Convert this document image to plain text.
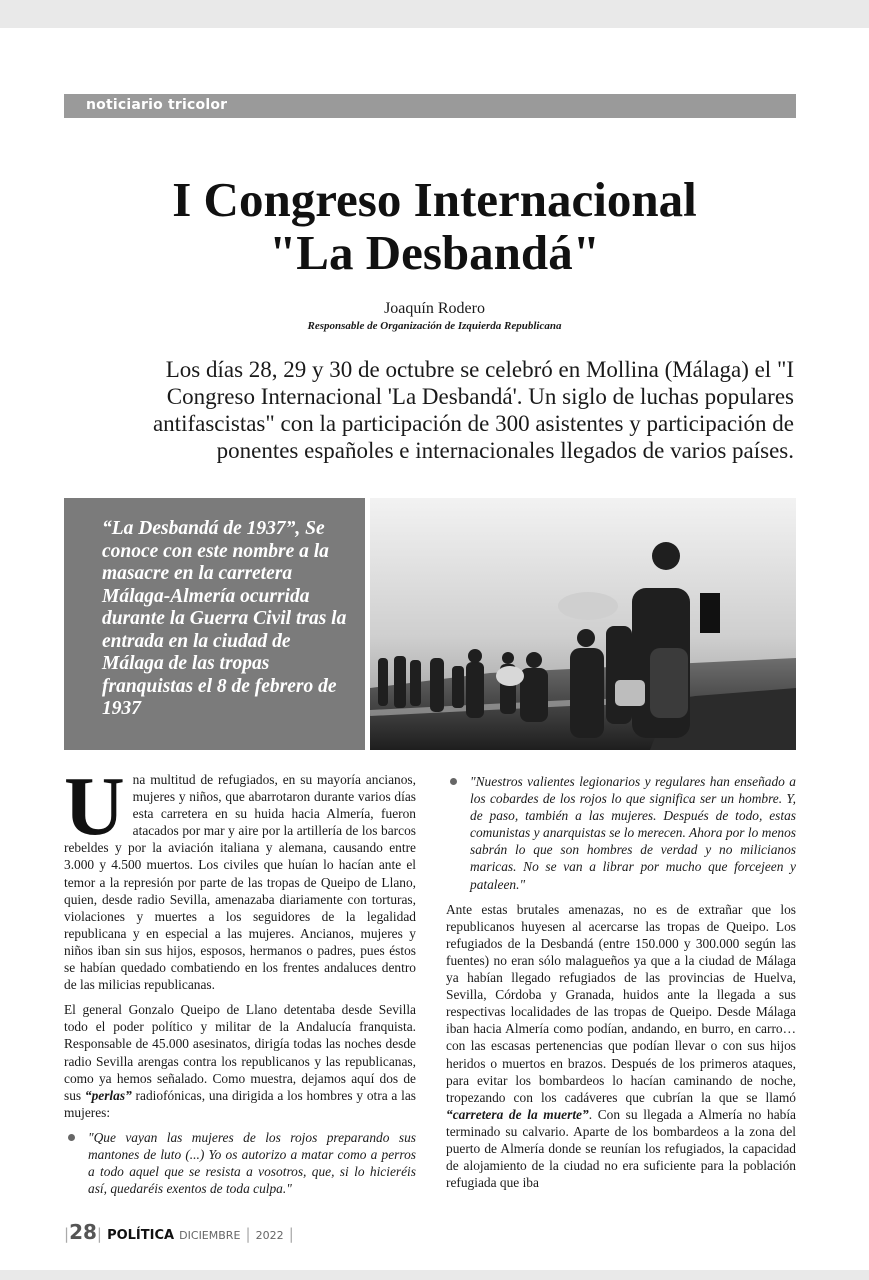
noticiario tricolor
I Congreso Internacional
"La Desbandá"
Joaquín Rodero
Responsable de Organización de Izquierda Republicana
Los días 28, 29 y 30 de octubre se celebró en Mollina (Málaga) el "I Congreso Internacional 'La Desbandá'. Un siglo de luchas populares antifascistas" con la participación de 300 asistentes y participación de ponentes españoles e internacionales llegados de varios países.

“La Desbandá de 1937”, Se conoce con este nombre a la masacre en la carretera Málaga-Almería ocurrida durante la Guerra Civil tras la entrada en la ciudad de Málaga de las tropas franquistas el 8 de febrero de 1937

Una multitud de refugiados, en su mayoría ancianos, mujeres y niños, que abarrotaron durante varios días esta carretera en su huida hacia Almería, fueron atacados por mar y aire por la artillería de los barcos rebeldes y por la aviación italiana y alemana, causando entre 3.000 y 4.500 muertos. Los civiles que huían lo hacían ante el temor a la represión por parte de las tropas de Queipo de Llano, quien, desde radio Sevilla, amenazaba diariamente con torturas, violaciones y muertes a los seguidores de la legalidad republicana y en especial a las mujeres. Ancianos, mujeres y niños iban sin sus hijos, esposos, hermanos o padres, pues éstos se habían quedado combatiendo en los frentes andaluces dentro de las milicias republicanas.

El general Gonzalo Queipo de Llano detentaba desde Sevilla todo el poder político y militar de la Andalucía franquista. Responsable de 45.000 asesinatos, dirigía todas las noches desde radio Sevilla arengas contra los republicanos y las republicanas, como ya hemos señalado. Como muestra, dejamos aquí dos de sus “perlas” radiofónicas, una dirigida a los hombres y otra a las mujeres:

"Que vayan las mujeres de los rojos preparando sus mantones de luto (...) Yo os autorizo a matar como a perros a todo aquel que se resista a vosotros, que, si lo hicieréis así, quedaréis exentos de toda culpa."

"Nuestros valientes legionarios y regulares han enseñado a los cobardes de los rojos lo que significa ser un hombre. Y, de paso, también a las mujeres. Después de todo, estas comunistas y anarquistas se lo merecen. Ahora por lo menos sabrán lo que son hombres de verdad y no milicianos maricas. No se van a librar por mucho que forcejeen y pataleen."

Ante estas brutales amenazas, no es de extrañar que los republicanos huyesen al acercarse las tropas de Queipo. Los refugiados de la Desbandá (entre 150.000 y 300.000 según las fuentes) no eran sólo malagueños ya que a la ciudad de Málaga ya habían llegado refugiados de las provincias de Huelva, Sevilla, Córdoba y Granada, huidos ante la llegada a sus respectivas localidades de las tropas de Queipo. Desde Málaga iban hacia Almería como podían, andando, en burro, en carro… con las escasas pertenencias que podían llevar o con sus hijos heridos o muertos en brazos. Después de los primeros ataques, para evitar los bombardeos lo hacían caminando de noche, tropezando con los cadáveres que cubrían la que se llamó “carretera de la muerte”. Con su llegada a Almería no había terminado su calvario. Aparte de los bombardeos a la zona del puerto de Almería donde se reunían los refugiados, la capacidad de alojamiento de la ciudad no era suficiente para la población refugiada que iba

|28| POLÍTICA DICIEMBRE | 2022 |
